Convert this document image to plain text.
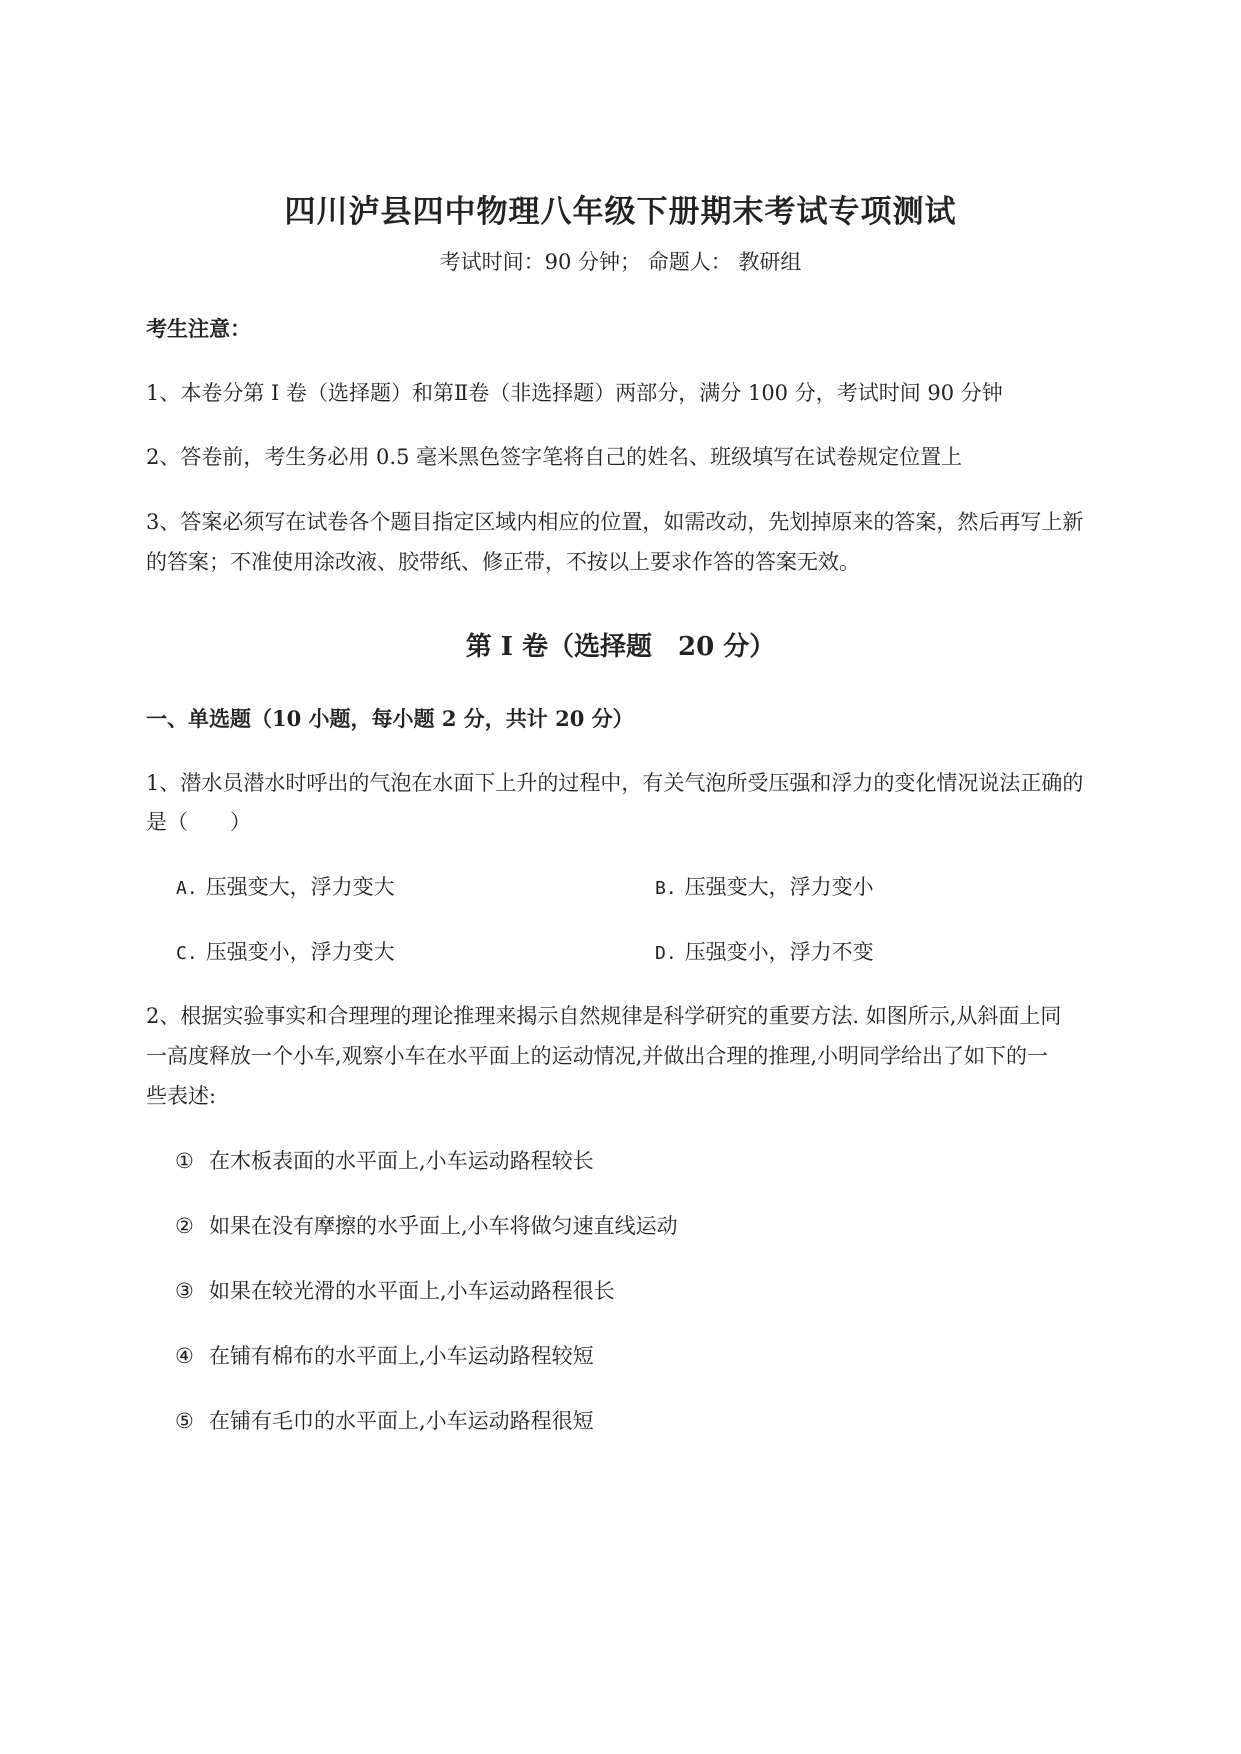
四川泸县四中物理八年级下册期末考试专项测试
考试时间：90 分钟； 命题人： 教研组
考生注意：
1、本卷分第 I 卷（选择题）和第Ⅱ卷（非选择题）两部分，满分 100 分，考试时间 90 分钟
2、答卷前，考生务必用 0.5 毫米黑色签字笔将自己的姓名、班级填写在试卷规定位置上
3、答案必须写在试卷各个题目指定区域内相应的位置，如需改动，先划掉原来的答案，然后再写上新
的答案；不准使用涂改液、胶带纸、修正带，不按以上要求作答的答案无效。
第 I 卷（选择题　20 分）
一、单选题（10 小题，每小题 2 分，共计 20 分）
1、潜水员潜水时呼出的气泡在水面下上升的过程中，有关气泡所受压强和浮力的变化情况说法正确的
是（　　）
A. 压强变大，浮力变大	B. 压强变大，浮力变小
C. 压强变小，浮力变大	D. 压强变小，浮力不变
2、根据实验事实和合理理的理论推理来揭示自然规律是科学研究的重要方法. 如图所示,从斜面上同
一高度释放一个小车,观察小车在水平面上的运动情况,并做出合理的推理,小明同学给出了如下的一
些表述:
① 在木板表面的水平面上,小车运动路程较长
② 如果在没有摩擦的水乎面上,小车将做匀速直线运动
③ 如果在较光滑的水平面上,小车运动路程很长
④ 在铺有棉布的水平面上,小车运动路程较短
⑤ 在铺有毛巾的水平面上,小车运动路程很短
